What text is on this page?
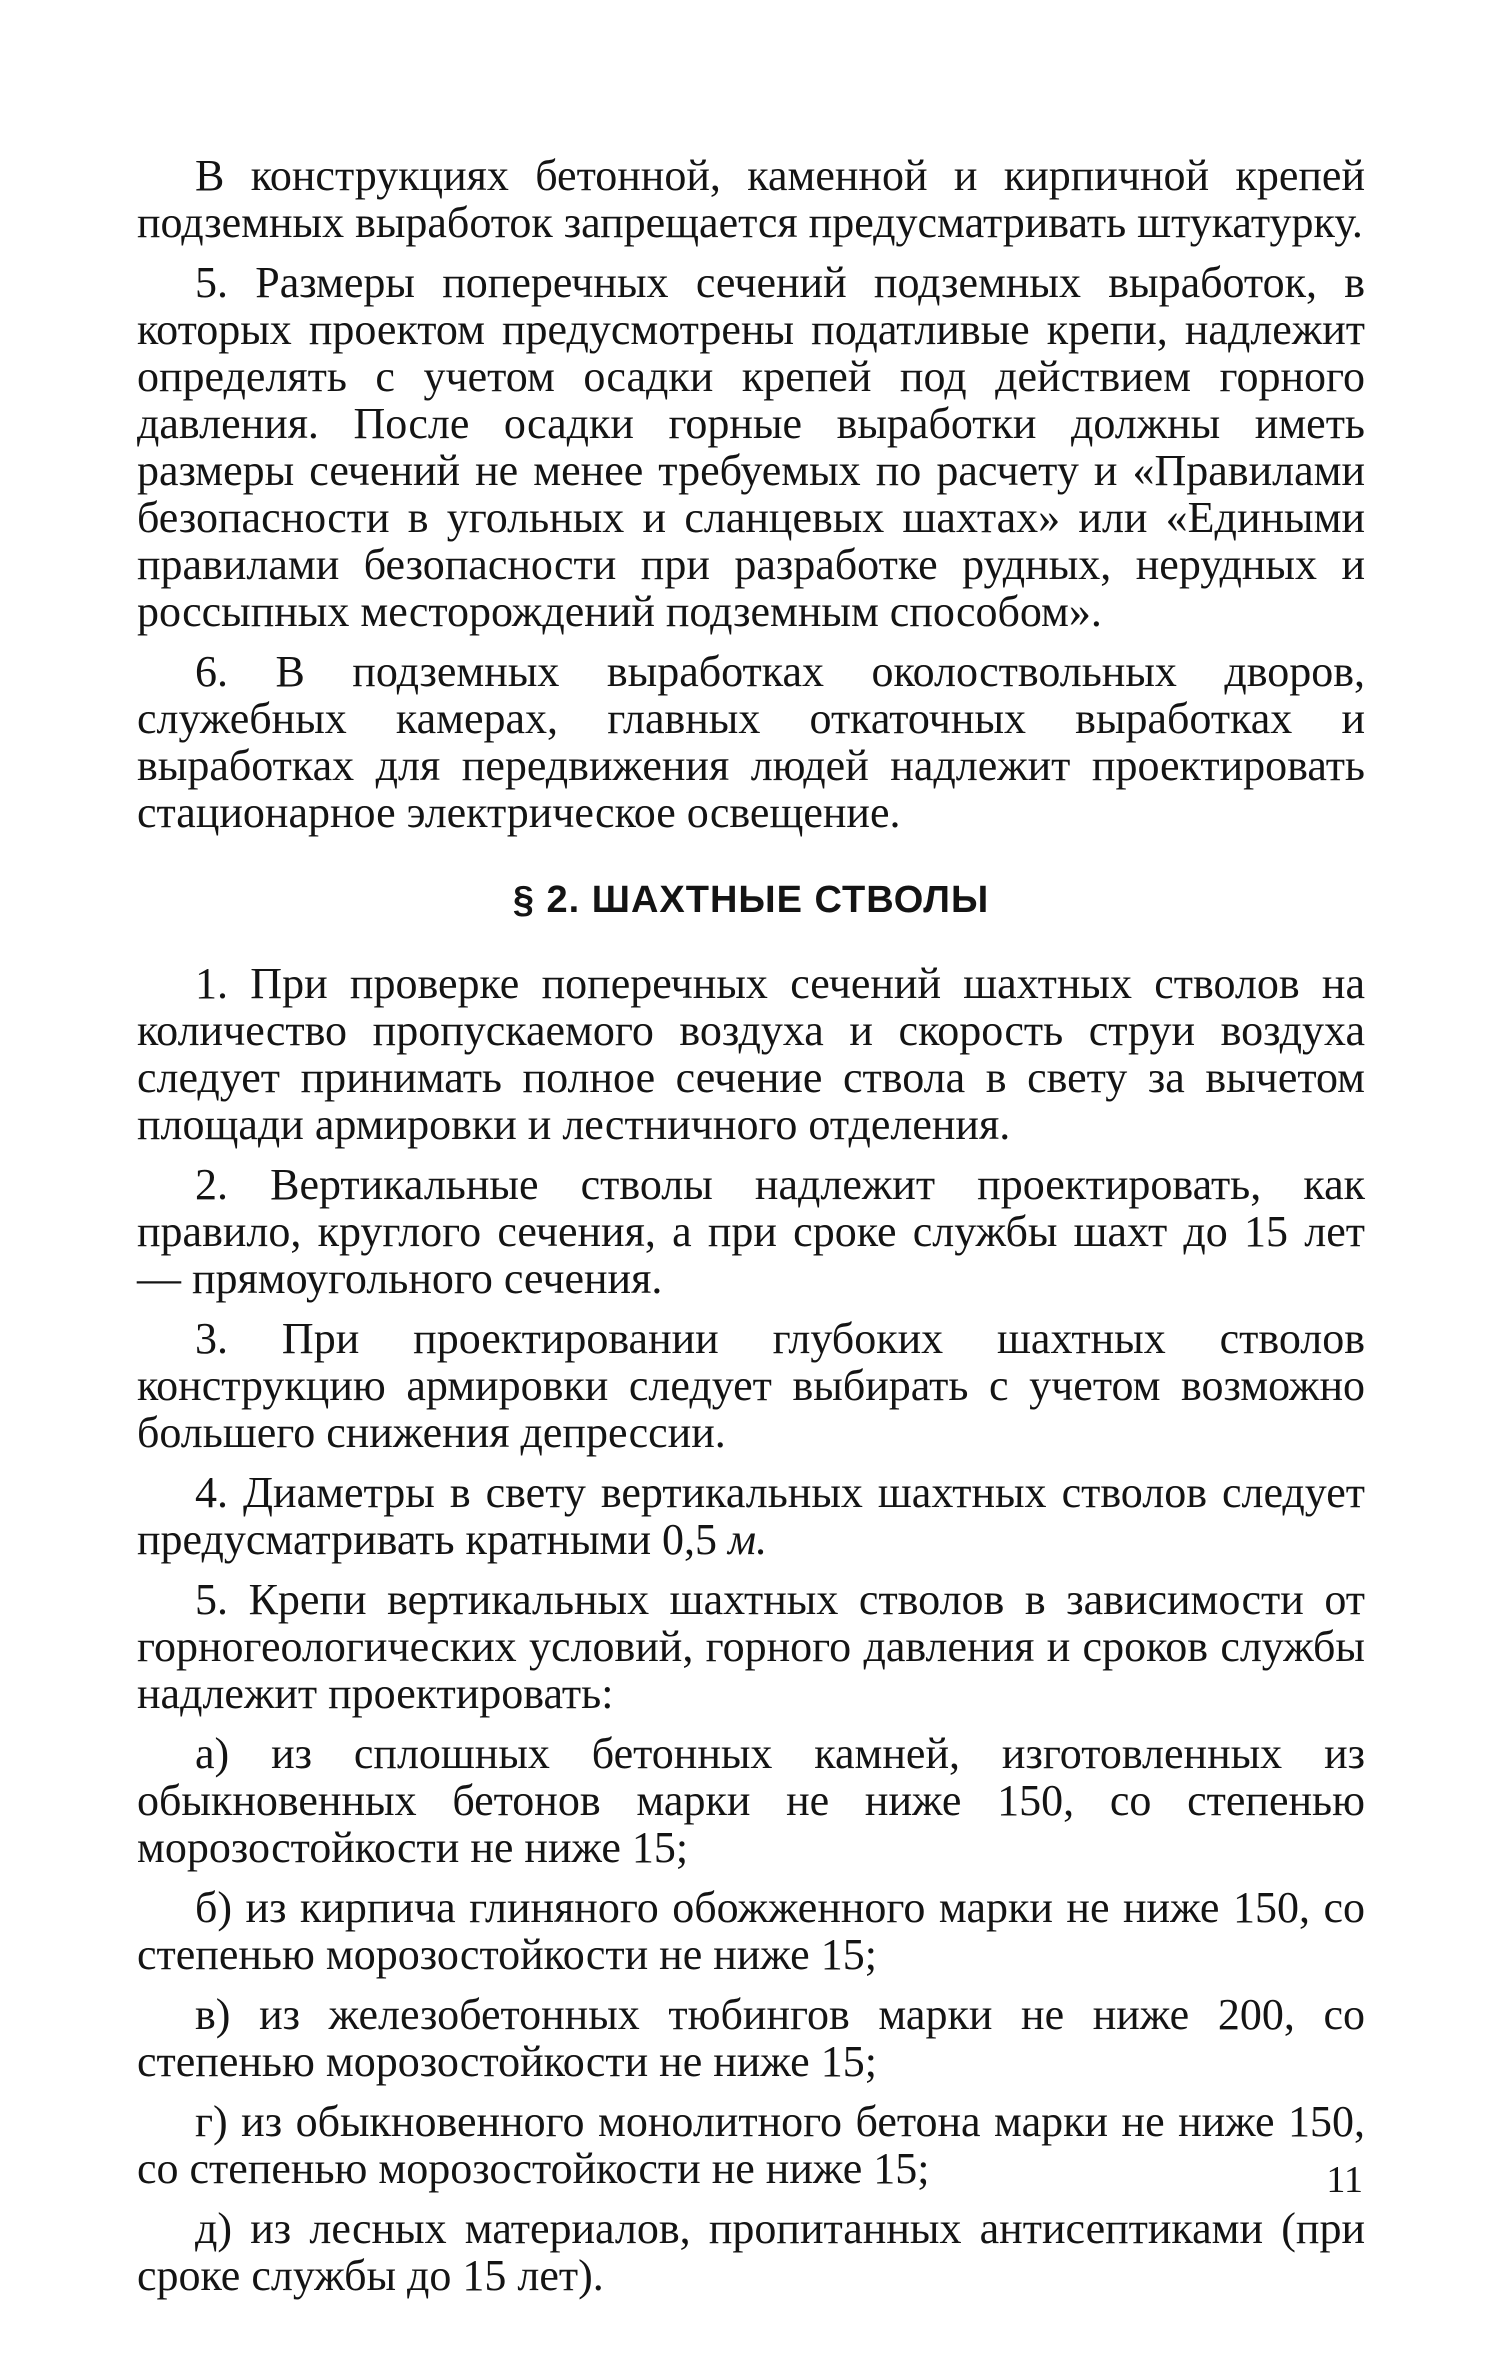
В конструкциях бетонной, каменной и кирпичной крепей подземных выработок запрещается предусматривать штукатурку.

5. Размеры поперечных сечений подземных выработок, в которых проектом предусмотрены податливые крепи, надлежит определять с учетом осадки крепей под действием горного давления. После осадки горные выработки должны иметь размеры сечений не менее требуемых по расчету и «Правилами безопасности в угольных и сланцевых шахтах» или «Едиными правилами безопасности при разработке рудных, нерудных и россыпных месторождений подземным способом».

6. В подземных выработках околоствольных дворов, служебных камерах, главных откаточных выработках и выработках для передвижения людей надлежит проектировать стационарное электрическое освещение.

§ 2. ШАХТНЫЕ СТВОЛЫ

1. При проверке поперечных сечений шахтных стволов на количество пропускаемого воздуха и скорость струи воздуха следует принимать полное сечение ствола в свету за вычетом площади армировки и лестничного отделения.

2. Вертикальные стволы надлежит проектировать, как правило, круглого сечения, а при сроке службы шахт до 15 лет — прямоугольного сечения.

3. При проектировании глубоких шахтных стволов конструкцию армировки следует выбирать с учетом возможно большего снижения депрессии.

4. Диаметры в свету вертикальных шахтных стволов следует предусматривать кратными 0,5 м.

5. Крепи вертикальных шахтных стволов в зависимости от горногеологических условий, горного давления и сроков службы надлежит проектировать:

а) из сплошных бетонных камней, изготовленных из обыкновенных бетонов марки не ниже 150, со степенью морозостойкости не ниже 15;

б) из кирпича глиняного обожженного марки не ниже 150, со степенью морозостойкости не ниже 15;

в) из железобетонных тюбингов марки не ниже 200, со степенью морозостойкости не ниже 15;

г) из обыкновенного монолитного бетона марки не ниже 150, со степенью морозостойкости не ниже 15;

д) из лесных материалов, пропитанных антисептиками (при сроке службы до 15 лет).

11
